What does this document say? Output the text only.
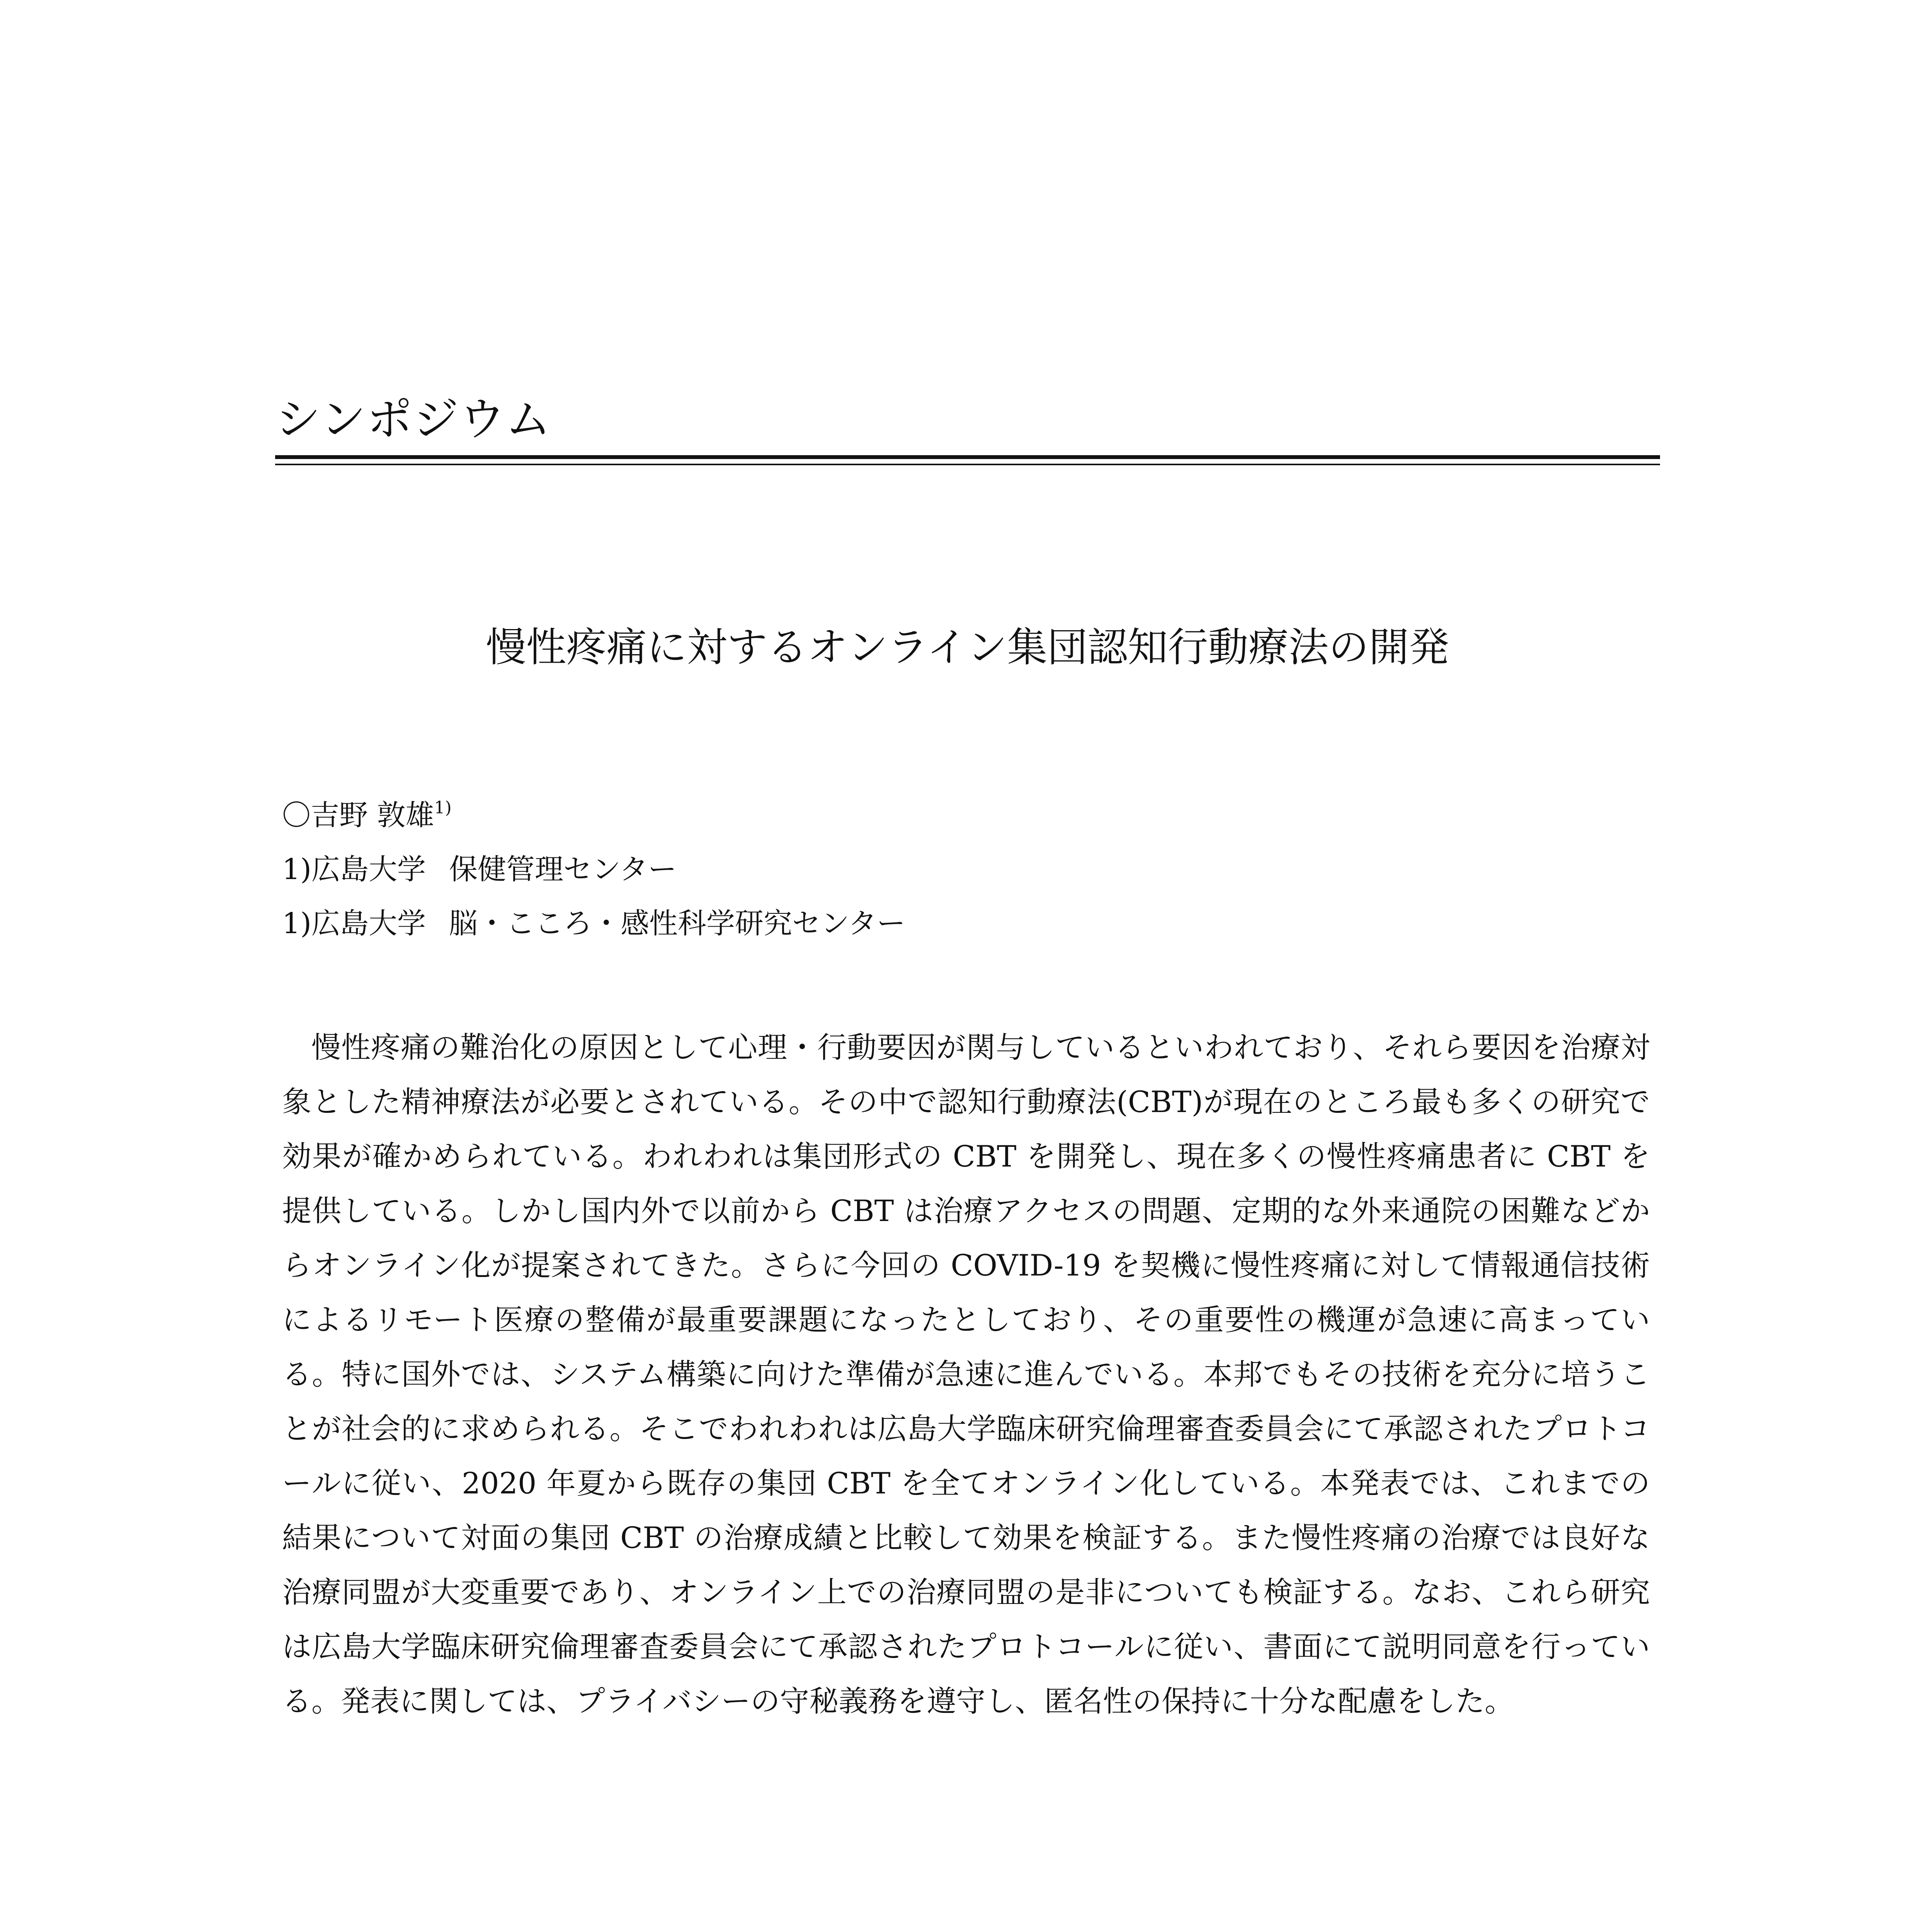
シンポジウム
慢性疼痛に対するオンライン集団認知行動療法の開発
〇吉野 敦雄$^{1)}$
1)広島大学 保健管理センター
1)広島大学 脳・こころ・感性科学研究センター

慢性疼痛の難治化の原因として心理・行動要因が関与しているといわれており、それら要因を治療対象とした精神療法が必要とされている。その中で認知行動療法(CBT)が現在のところ最も多くの研究で効果が確かめられている。われわれは集団形式の CBT を開発し、現在多くの慢性疼痛患者に CBT を提供している。しかし国内外で以前から CBT は治療アクセスの問題、定期的な外来通院の困難などからオンライン化が提案されてきた。さらに今回の COVID-19 を契機に慢性疼痛に対して情報通信技術によるリモート医療の整備が最重要課題になったとしており、その重要性の機運が急速に高まっている。特に国外では、システム構築に向けた準備が急速に進んでいる。本邦でもその技術を充分に培うことが社会的に求められる。そこでわれわれは広島大学臨床研究倫理審査委員会にて承認されたプロトコールに従い、2020 年夏から既存の集団 CBT を全てオンライン化している。本発表では、これまでの結果について対面の集団 CBT の治療成績と比較して効果を検証する。また慢性疼痛の治療では良好な治療同盟が大変重要であり、オンライン上での治療同盟の是非についても検証する。なお、これら研究は広島大学臨床研究倫理審査委員会にて承認されたプロトコールに従い、書面にて説明同意を行っている。発表に関しては、プライバシーの守秘義務を遵守し、匿名性の保持に十分な配慮をした。
